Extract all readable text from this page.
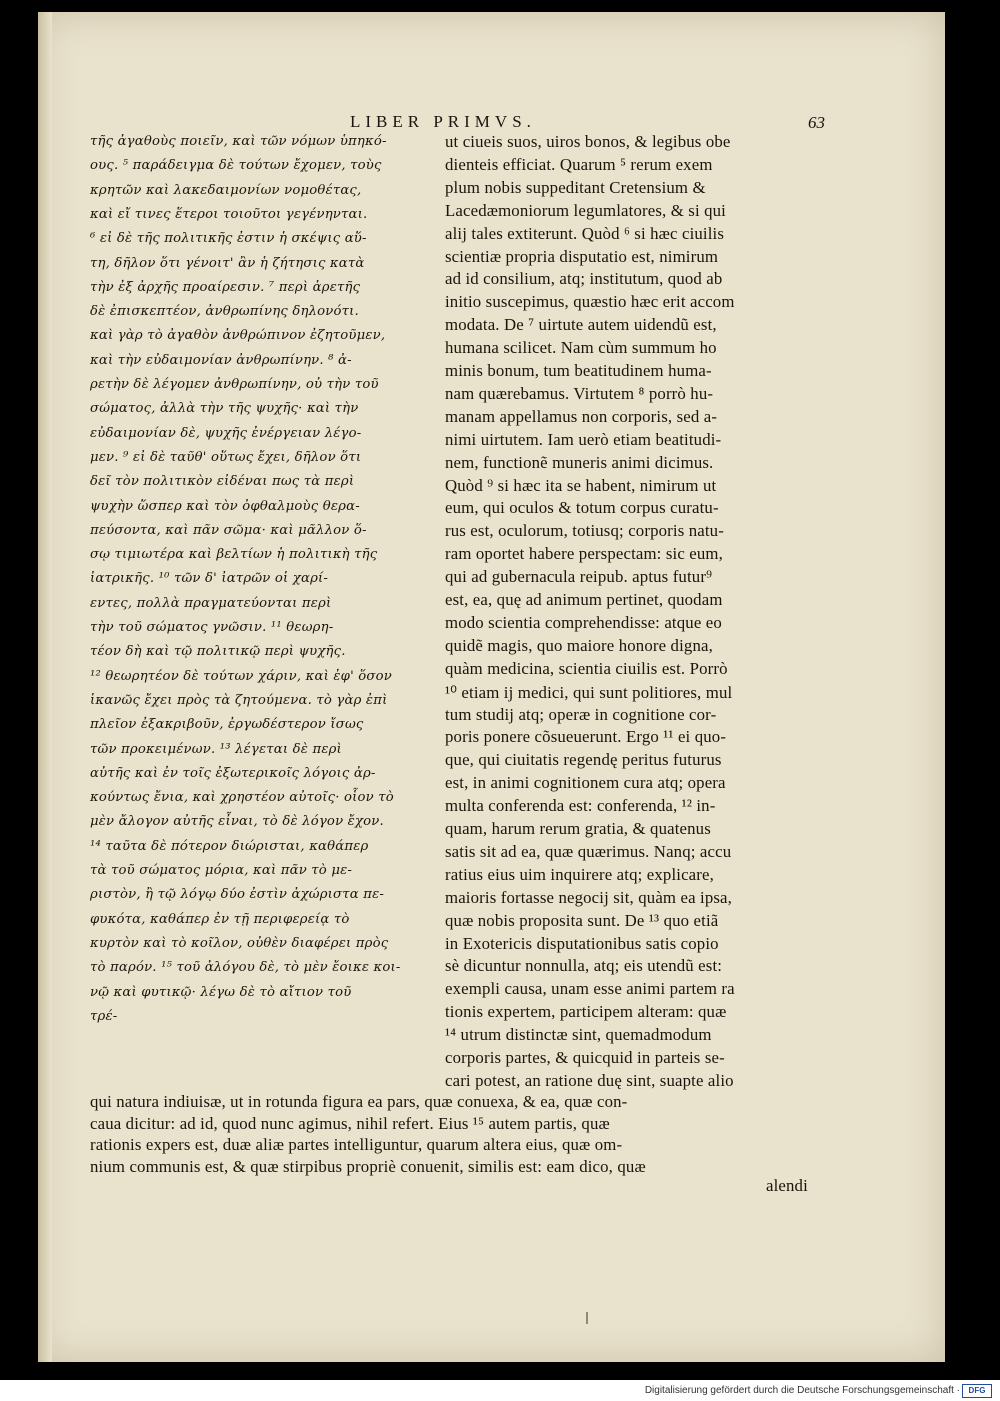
LIBER PRIMVS.	63
τῆς ἀγαθοὺς ποιεῖν, καὶ τῶν νόμων ὑπηκό-
ους. ⁵ παράδειγμα δὲ τούτων ἔχομεν, τοὺς
κρητῶν καὶ λακεδαιμονίων νομοθέτας,
καὶ εἴ τινες ἕτεροι τοιοῦτοι γεγένηνται.
⁶ εἰ δὲ τῆς πολιτικῆς ἐστιν ἡ σκέψις αὕ-
τη, δῆλον ὅτι γένοιτ' ἂν ἡ ζήτησις κατὰ
τὴν ἐξ ἀρχῆς προαίρεσιν. ⁷ περὶ ἀρετῆς
δὲ ἐπισκεπτέον, ἀνθρωπίνης δηλονότι.
καὶ γὰρ τὸ ἀγαθὸν ἀνθρώπινον ἐζητοῦμεν,
καὶ τὴν εὐδαιμονίαν ἀνθρωπίνην. ⁸ ἀ-
ρετὴν δὲ λέγομεν ἀνθρωπίνην, οὐ τὴν τοῦ
σώματος, ἀλλὰ τὴν τῆς ψυχῆς· καὶ τὴν
εὐδαιμονίαν δὲ, ψυχῆς ἐνέργειαν λέγο-
μεν. ⁹ εἰ δὲ ταῦθ' οὕτως ἔχει, δῆλον ὅτι
δεῖ τὸν πολιτικὸν εἰδέναι πως τὰ περὶ
ψυχὴν ὥσπερ καὶ τὸν ὀφθαλμοὺς θερα-
πεύσοντα, καὶ πᾶν σῶμα· καὶ μᾶλλον ὅ-
σῳ τιμιωτέρα καὶ βελτίων ἡ πολιτικὴ τῆς
ἰατρικῆς. ¹⁰ τῶν δ' ἰατρῶν οἱ χαρί-
εντες, πολλὰ πραγματεύονται περὶ
τὴν τοῦ σώματος γνῶσιν. ¹¹ θεωρη-
τέον δὴ καὶ τῷ πολιτικῷ περὶ ψυχῆς.
¹² θεωρητέον δὲ τούτων χάριν, καὶ ἐφ' ὅσον
ἱκανῶς ἔχει πρὸς τὰ ζητούμενα. τὸ γὰρ ἐπὶ
πλεῖον ἐξακριβοῦν, ἐργωδέστερον ἴσως
τῶν προκειμένων. ¹³ λέγεται δὲ περὶ
αὐτῆς καὶ ἐν τοῖς ἐξωτερικοῖς λόγοις ἀρ-
κούντως ἔνια, καὶ χρηστέον αὐτοῖς· οἷον τὸ
μὲν ἄλογον αὐτῆς εἶναι, τὸ δὲ λόγον ἔχον.
¹⁴ ταῦτα δὲ πότερον διώρισται, καθάπερ
τὰ τοῦ σώματος μόρια, καὶ πᾶν τὸ με-
ριστὸν, ἢ τῷ λόγῳ δύο ἐστὶν ἀχώριστα πε-
φυκότα, καθάπερ ἐν τῇ περιφερείᾳ τὸ
κυρτὸν καὶ τὸ κοῖλον, οὐθὲν διαφέρει πρὸς
τὸ παρόν. ¹⁵ τοῦ ἀλόγου δὲ, τὸ μὲν ἔοικε κοι-
νῷ καὶ φυτικῷ· λέγω δὲ τὸ αἴτιον τοῦ
τρέ-
ut ciueis suos, uiros bonos, & legibus obe
dienteis efficiat. Quarum ⁵ rerum exem
plum nobis suppeditant Cretensium &
Lacedæmoniorum legumlatores, & si qui
alij tales extiterunt. Quòd ⁶ si hæc ciuilis
scientiæ propria disputatio est, nimirum
ad id consilium, atq; institutum, quod ab
initio suscepimus, quæstio hæc erit accom
modata. De ⁷ uirtute autem uidendũ est,
humana scilicet. Nam cùm summum ho
minis bonum, tum beatitudinem huma-
nam quærebamus. Virtutem ⁸ porrò hu-
manam appellamus non corporis, sed a-
nimi uirtutem. Iam uerò etiam beatitudi-
nem, functionẽ muneris animi dicimus.
Quòd ⁹ si hæc ita se habent, nimirum ut
eum, qui oculos & totum corpus curatu-
rus est, oculorum, totiusq; corporis natu-
ram oportet habere perspectam: sic eum,
qui ad gubernacula reipub. aptus futur⁹
est, ea, quę ad animum pertinet, quodam
modo scientia comprehendisse: atque eo
quidẽ magis, quo maiore honore digna,
quàm medicina, scientia ciuilis est. Porrò
¹⁰ etiam ij medici, qui sunt politiores, mul
tum studij atq; operæ in cognitione cor-
poris ponere cõsueuerunt. Ergo ¹¹ ei quo-
que, qui ciuitatis regendę peritus futurus
est, in animi cognitionem cura atq; opera
multa conferenda est: conferenda, ¹² in-
quam, harum rerum gratia, & quatenus
satis sit ad ea, quæ quærimus. Nanq; accu
ratius eius uim inquirere atq; explicare,
maioris fortasse negocij sit, quàm ea ipsa,
quæ nobis proposita sunt. De ¹³ quo etiã
in Exotericis disputationibus satis copio
sè dicuntur nonnulla, atq; eis utendũ est:
exempli causa, unam esse animi partem ra
tionis expertem, participem alteram: quæ
¹⁴ utrum distinctæ sint, quemadmodum
corporis partes, & quicquid in parteis se-
cari potest, an ratione duę sint, suapte alio
qui natura indiuisæ, ut in rotunda figura ea pars, quæ conuexa, & ea, quæ con-
caua dicitur: ad id, quod nunc agimus, nihil refert. Eius ¹⁵ autem partis, quæ
rationis expers est, duæ aliæ partes intelliguntur, quarum altera eius, quæ om-
nium communis est, & quæ stirpibus propriè conuenit, similis est: eam dico, quæ
alendi
Digitalisierung gefördert durch die Deutsche Forschungsgemeinschaft ·	DFG
